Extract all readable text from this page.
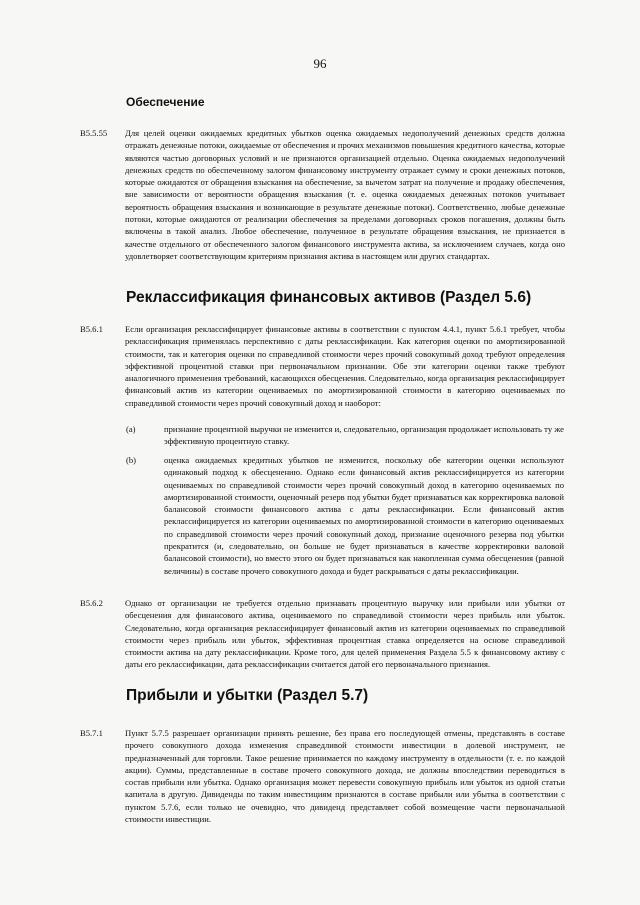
96
Обеспечение
B5.5.55 Для целей оценки ожидаемых кредитных убытков оценка ожидаемых недополучений денежных средств должна отражать денежные потоки, ожидаемые от обеспечения и прочих механизмов повышения кредитного качества, которые являются частью договорных условий и не признаются организацией отдельно. Оценка ожидаемых недополучений денежных средств по обеспеченному залогом финансовому инструменту отражает сумму и сроки денежных потоков, которые ожидаются от обращения взыскания на обеспечение, за вычетом затрат на получение и продажу обеспечения, вне зависимости от вероятности обращения взыскания (т. е. оценка ожидаемых денежных потоков учитывает вероятность обращения взыскания и возникающие в результате денежные потоки). Соответственно, любые денежные потоки, которые ожидаются от реализации обеспечения за пределами договорных сроков погашения, должны быть включены в такой анализ. Любое обеспечение, полученное в результате обращения взыскания, не признается в качестве отдельного от обеспеченного залогом финансового инструмента актива, за исключением случаев, когда оно удовлетворяет соответствующим критериям признания актива в настоящем или других стандартах.
Реклассификация финансовых активов (Раздел 5.6)
B5.6.1	Если организация реклассифицирует финансовые активы в соответствии с пунктом 4.4.1, пункт 5.6.1 требует, чтобы реклассификация применялась перспективно с даты реклассификации. Как категория оценки по амортизированной стоимости, так и категория оценки по справедливой стоимости через прочий совокупный доход требуют определения эффективной процентной ставки при первоначальном признании. Обе эти категории оценки также требуют аналогичного применения требований, касающихся обесценения. Следовательно, когда организация реклассифицирует финансовый актив из категории оцениваемых по амортизированной стоимости в категорию оцениваемых по справедливой стоимости через прочий совокупный доход и наоборот:
(a)	признание процентной выручки не изменится и, следовательно, организация продолжает использовать ту же эффективную процентную ставку.
(b)	оценка ожидаемых кредитных убытков не изменится, поскольку обе категории оценки используют одинаковый подход к обесценению. Однако если финансовый актив реклассифицируется из категории оцениваемых по справедливой стоимости через прочий совокупный доход в категорию оцениваемых по амортизированной стоимости, оценочный резерв под убытки будет признаваться как корректировка валовой балансовой стоимости финансового актива с даты реклассификации. Если финансовый актив реклассифицируется из категории оцениваемых по амортизированной стоимости в категорию оцениваемых по справедливой стоимости через прочий совокупный доход, признание оценочного резерва под убытки прекратится (и, следовательно, он больше не будет признаваться в качестве корректировки валовой балансовой стоимости), но вместо этого он будет признаваться как накопленная сумма обесценения (равной величины) в составе прочего совокупного дохода и будет раскрываться с даты реклассификации.
B5.6.2	Однако от организации не требуется отдельно признавать процентную выручку или прибыли или убытки от обесценения для финансового актива, оцениваемого по справедливой стоимости через прибыль или убыток. Следовательно, когда организация реклассифицирует финансовый актив из категории оцениваемых по справедливой стоимости через прибыль или убыток, эффективная процентная ставка определяется на основе справедливой стоимости актива на дату реклассификации. Кроме того, для целей применения Раздела 5.5 к финансовому активу с даты его реклассификации, дата реклассификации считается датой его первоначального признания.
Прибыли и убытки (Раздел 5.7)
B5.7.1	Пункт 5.7.5 разрешает организации принять решение, без права его последующей отмены, представлять в составе прочего совокупного дохода изменения справедливой стоимости инвестиции в долевой инструмент, не предназначенный для торговли. Такое решение принимается по каждому инструменту в отдельности (т. е. по каждой акции). Суммы, представленные в составе прочего совокупного дохода, не должны впоследствии переводиться в состав прибыли или убытка. Однако организация может перевести совокупную прибыль или убыток из одной статьи капитала в другую. Дивиденды по таким инвестициям признаются в составе прибыли или убытка в соответствии с пунктом 5.7.6, если только не очевидно, что дивиденд представляет собой возмещение части первоначальной стоимости инвестиции.
